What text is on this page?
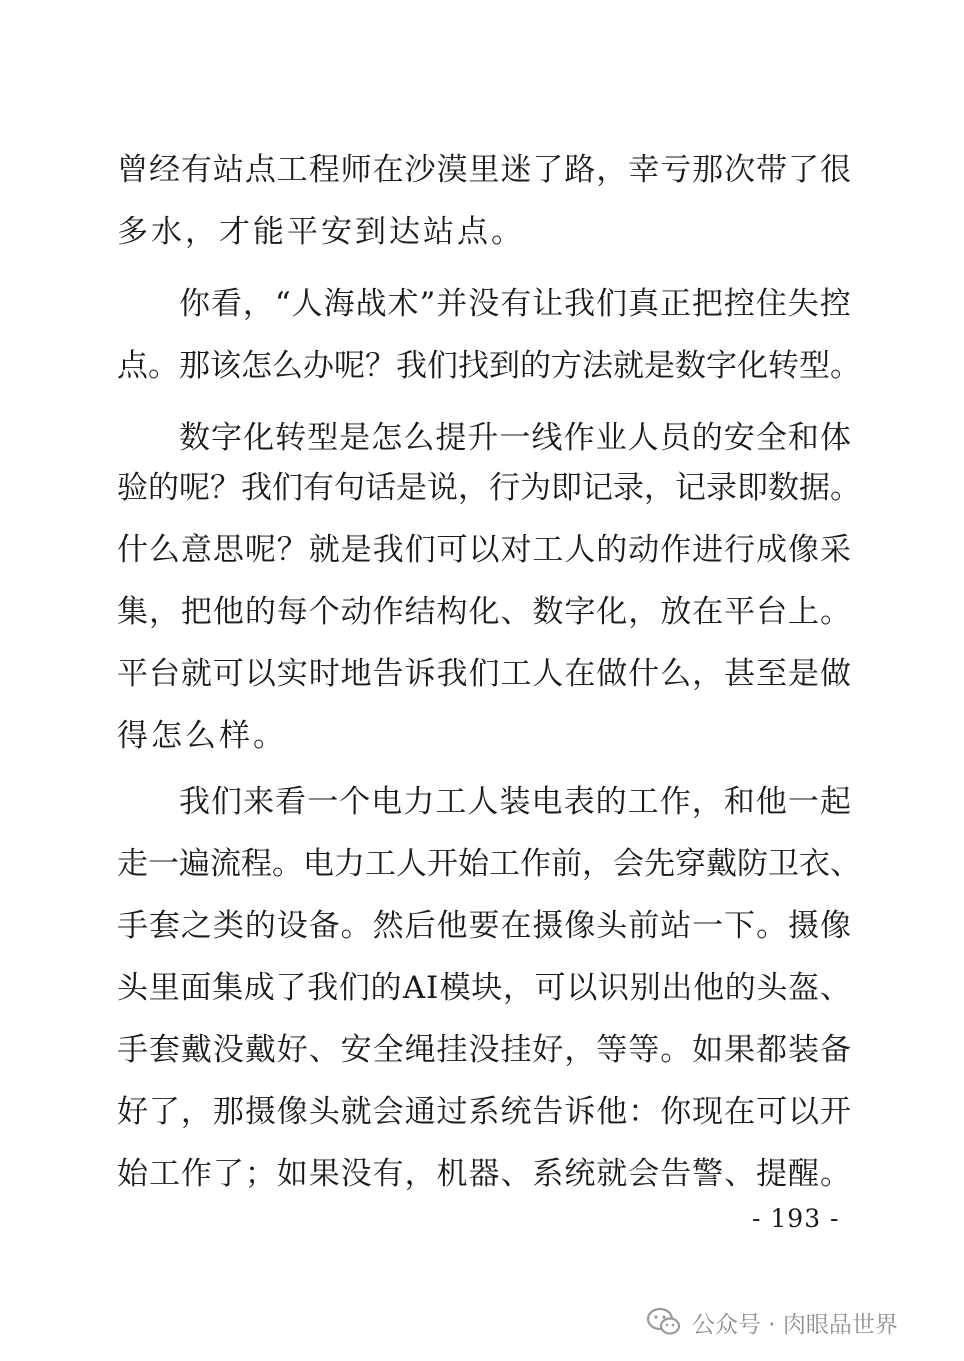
曾 经 有 站 点 工 程 师 在 沙 漠 里 迷 了 路 ， 幸 亏 那 次 带 了 很
多水，才能平安到达站点。
你 看 ， “ 人 海 战 术 ” 并 没 有 让 我 们 真 正 把 控 住 失 控
点 。 那 该 怎 么 办 呢 ？ 我 们 找 到 的 方 法 就 是 数 字 化 转 型 。
数 字 化 转 型 是 怎 么 提 升 一 线 作 业 人 员 的 安 全 和 体
验 的 呢 ？ 我 们 有 句 话 是 说 ， 行 为 即 记 录 ， 记 录 即 数 据 。
什 么 意 思 呢 ？ 就 是 我 们 可 以 对 工 人 的 动 作 进 行 成 像 采
集 ， 把 他 的 每 个 动 作 结 构 化 、 数 字 化 ， 放 在 平 台 上 。
平 台 就 可 以 实 时 地 告 诉 我 们 工 人 在 做 什 么 ， 甚 至 是 做
得怎么样。
我 们 来 看 一 个 电 力 工 人 装 电 表 的 工 作 ， 和 他 一 起
走 一 遍 流 程 。 电 力 工 人 开 始 工 作 前 ， 会 先 穿 戴 防 卫 衣 、
手 套 之 类 的 设 备 。 然 后 他 要 在 摄 像 头 前 站 一 下 。 摄 像
头 里 面 集 成 了 我 们 的 A I 模 块 ， 可 以 识 别 出 他 的 头 盔 、
手 套 戴 没 戴 好 、 安 全 绳 挂 没 挂 好 ， 等 等 。 如 果 都 装 备
好 了 ， 那 摄 像 头 就 会 通 过 系 统 告 诉 他 ： 你 现 在 可 以 开
始 工 作 了 ； 如 果 没 有 ， 机 器 、 系 统 就 会 告 警 、 提 醒 。
- 193 -
公众号 · 肉眼品世界
